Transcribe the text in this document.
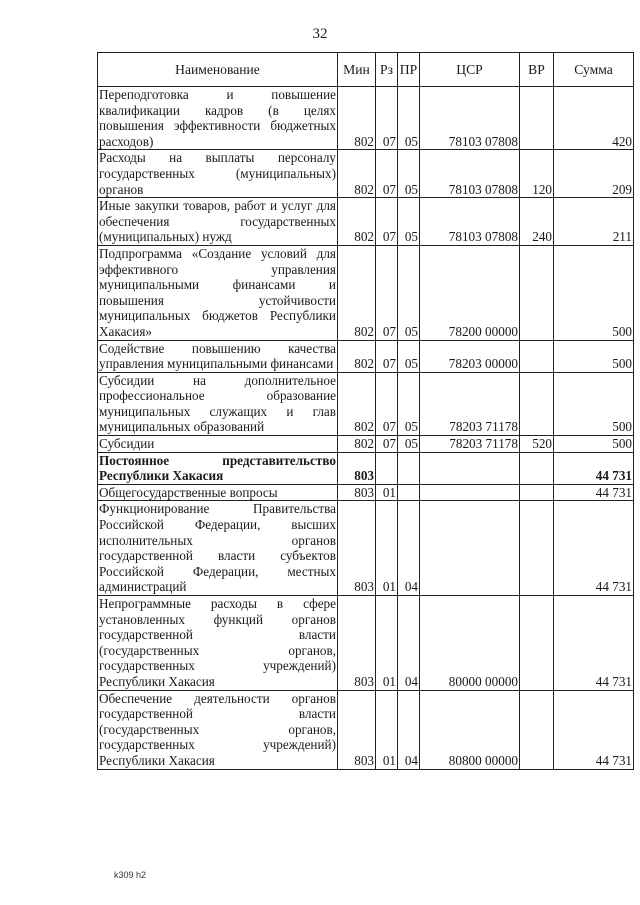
32
Наименование	Мин	Рз	ПР	ЦСР	ВР	Сумма
Переподготовка и повышение квалификации кадров (в целях повышения эффективности бюджетных расходов)	802	07	05	78103 07808		420
Расходы на выплаты персоналу государственных (муниципальных) органов	802	07	05	78103 07808	120	209
Иные закупки товаров, работ и услуг для обеспечения государственных (муниципальных) нужд	802	07	05	78103 07808	240	211
Подпрограмма «Создание условий для эффективного управления муниципальными финансами и повышения устойчивости муниципальных бюджетов Республики Хакасия»	802	07	05	78200 00000		500
Содействие повышению качества управления муниципальными финансами	802	07	05	78203 00000		500
Субсидии на дополнительное профессиональное образование муниципальных служащих и глав муниципальных образований	802	07	05	78203 71178		500
Субсидии	802	07	05	78203 71178	520	500
Постоянное представительство Республики Хакасия	803					44 731
Общегосударственные вопросы	803	01				44 731
Функционирование Правительства Российской Федерации, высших исполнительных органов государственной власти субъектов Российской Федерации, местных администраций	803	01	04			44 731
Непрограммные расходы в сфере установленных функций органов государственной власти (государственных органов, государственных учреждений) Республики Хакасия	803	01	04	80000 00000		44 731
Обеспечение деятельности органов государственной власти (государственных органов, государственных учреждений) Республики Хакасия	803	01	04	80800 00000		44 731
k309 h2
